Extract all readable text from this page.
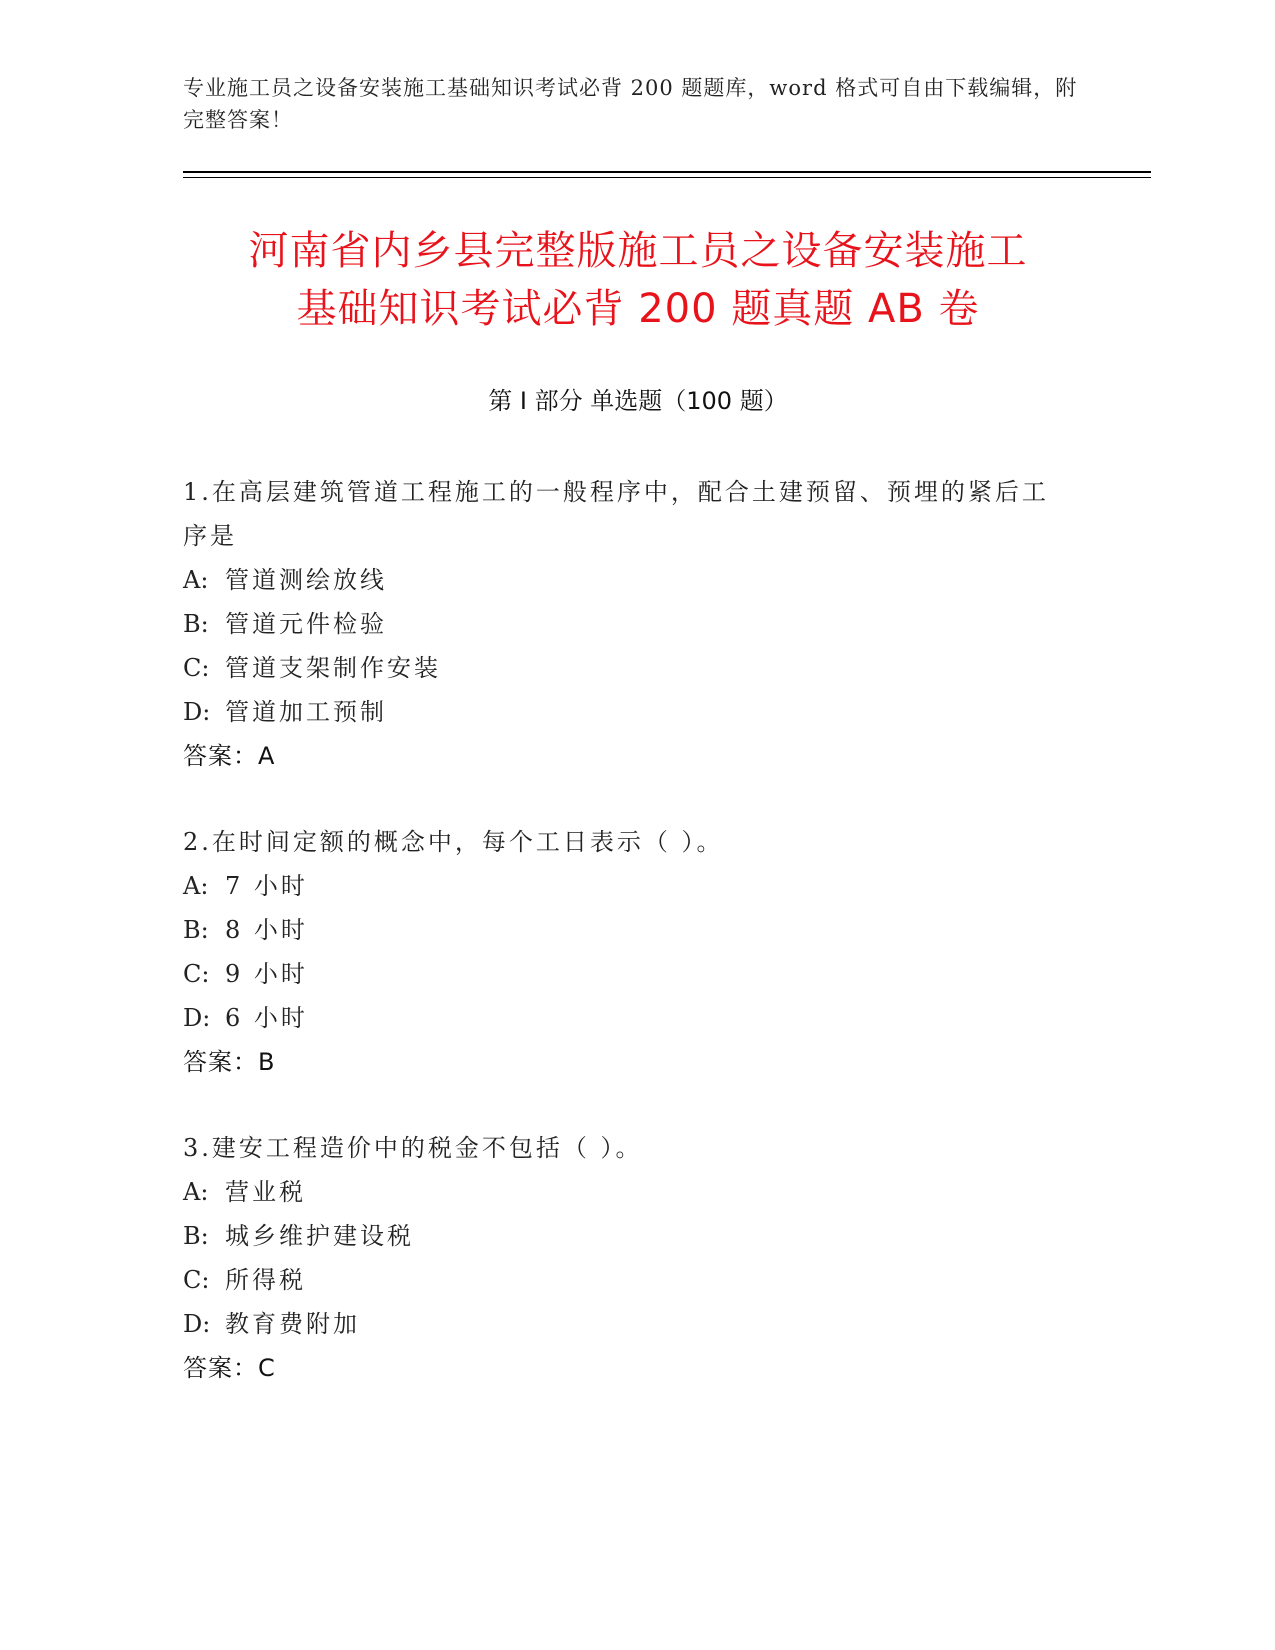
专业施工员之设备安装施工基础知识考试必背 200 题题库，word 格式可自由下载编辑，附完整答案！
河南省内乡县完整版施工员之设备安装施工
基础知识考试必背 200 题真题 AB 卷
第 I 部分 单选题（100 题）
1.在高层建筑管道工程施工的一般程序中，配合土建预留、预埋的紧后工序是
A: 管道测绘放线
B: 管道元件检验
C: 管道支架制作安装
D: 管道加工预制
答案：A
2.在时间定额的概念中，每个工日表示（ ）。
A: 7 小时
B: 8 小时
C: 9 小时
D: 6 小时
答案：B
3.建安工程造价中的税金不包括（ ）。
A: 营业税
B: 城乡维护建设税
C: 所得税
D: 教育费附加
答案：C
